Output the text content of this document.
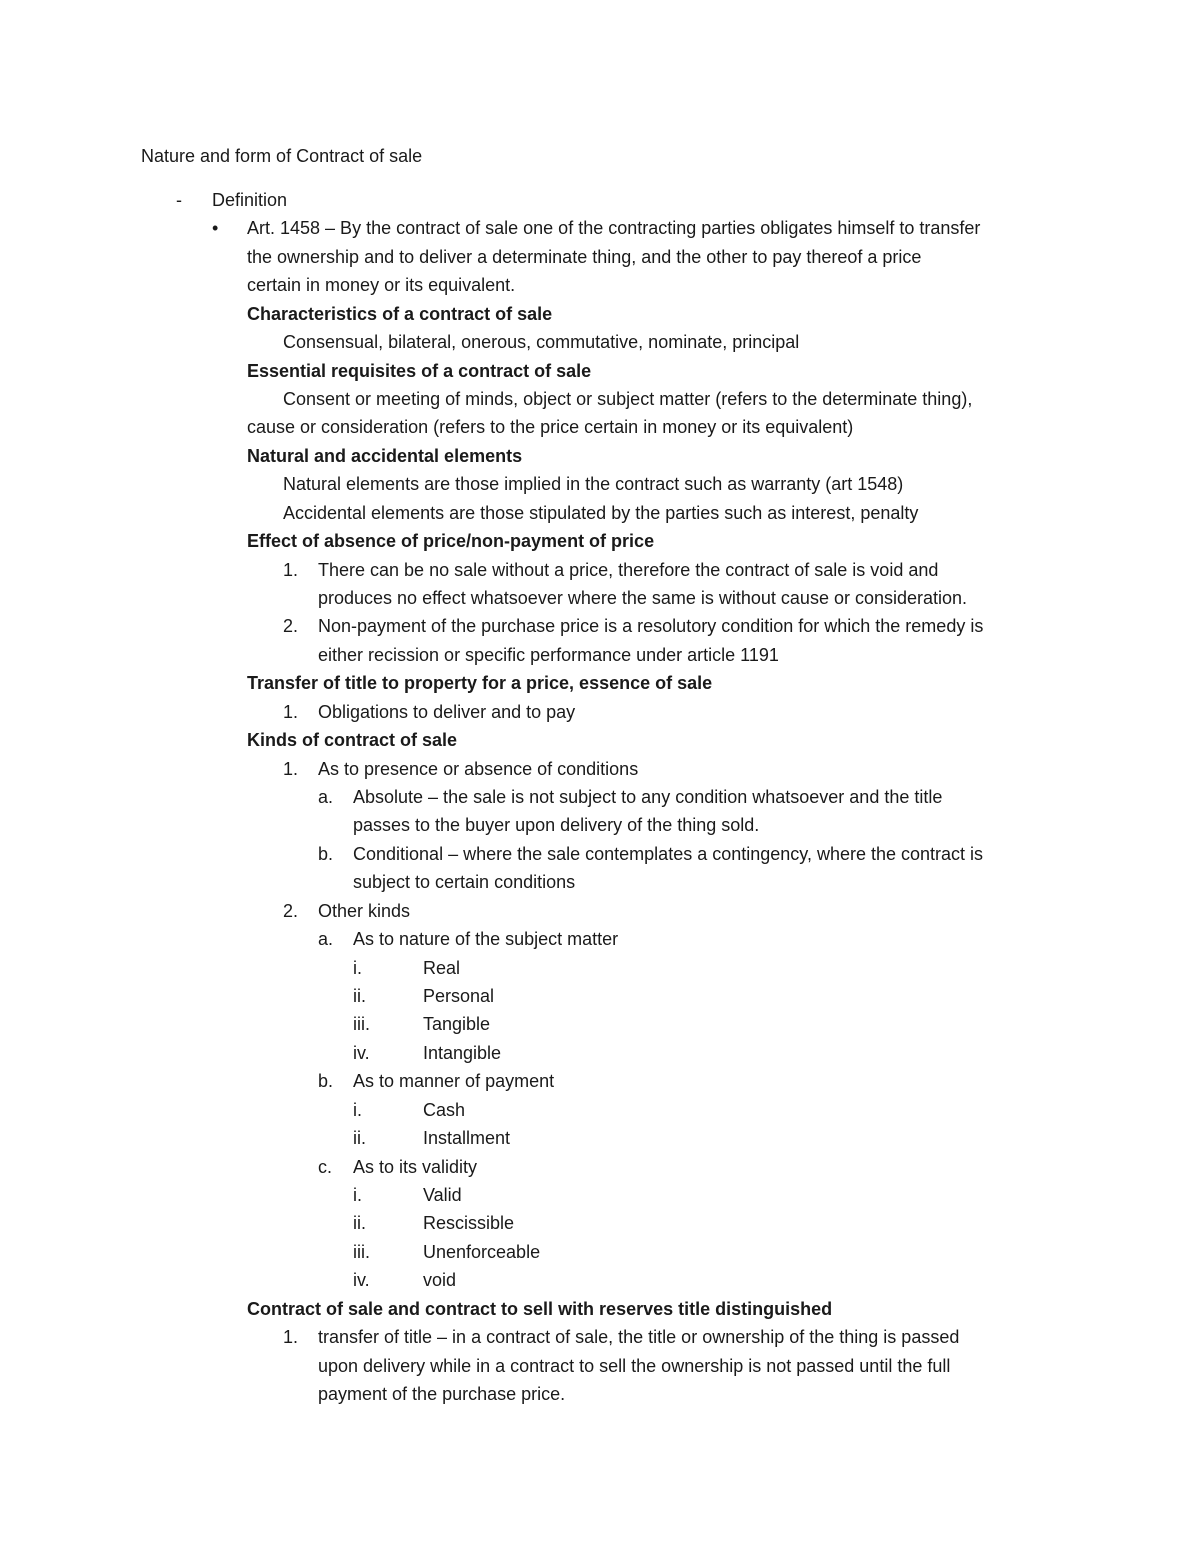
Nature and form of Contract of sale
- Definition
• Art. 1458 – By the contract of sale one of the contracting parties obligates himself to transfer
the ownership and to deliver a determinate thing, and the other to pay thereof a price
certain in money or its equivalent.
Characteristics of a contract of sale
Consensual, bilateral, onerous, commutative, nominate, principal
Essential requisites of a contract of sale
Consent or meeting of minds, object or subject matter (refers to the determinate thing),
cause or consideration (refers to the price certain in money or its equivalent)
Natural and accidental elements
Natural elements are those implied in the contract such as warranty (art 1548)
Accidental elements are those stipulated by the parties such as interest, penalty
Effect of absence of price/non-payment of price
1. There can be no sale without a price, therefore the contract of sale is void and
produces no effect whatsoever where the same is without cause or consideration.
2. Non-payment of the purchase price is a resolutory condition for which the remedy is
either recission or specific performance under article 1191
Transfer of title to property for a price, essence of sale
1. Obligations to deliver and to pay
Kinds of contract of sale
1. As to presence or absence of conditions
a. Absolute – the sale is not subject to any condition whatsoever and the title
passes to the buyer upon delivery of the thing sold.
b. Conditional – where the sale contemplates a contingency, where the contract is
subject to certain conditions
2. Other kinds
a. As to nature of the subject matter
i.	Real
ii.	Personal
iii.	Tangible
iv.	Intangible
b. As to manner of payment
i.	Cash
ii.	Installment
c. As to its validity
i.	Valid
ii.	Rescissible
iii.	Unenforceable
iv.	void
Contract of sale and contract to sell with reserves title distinguished
1. transfer of title – in a contract of sale, the title or ownership of the thing is passed
upon delivery while in a contract to sell the ownership is not passed until the full
payment of the purchase price.
